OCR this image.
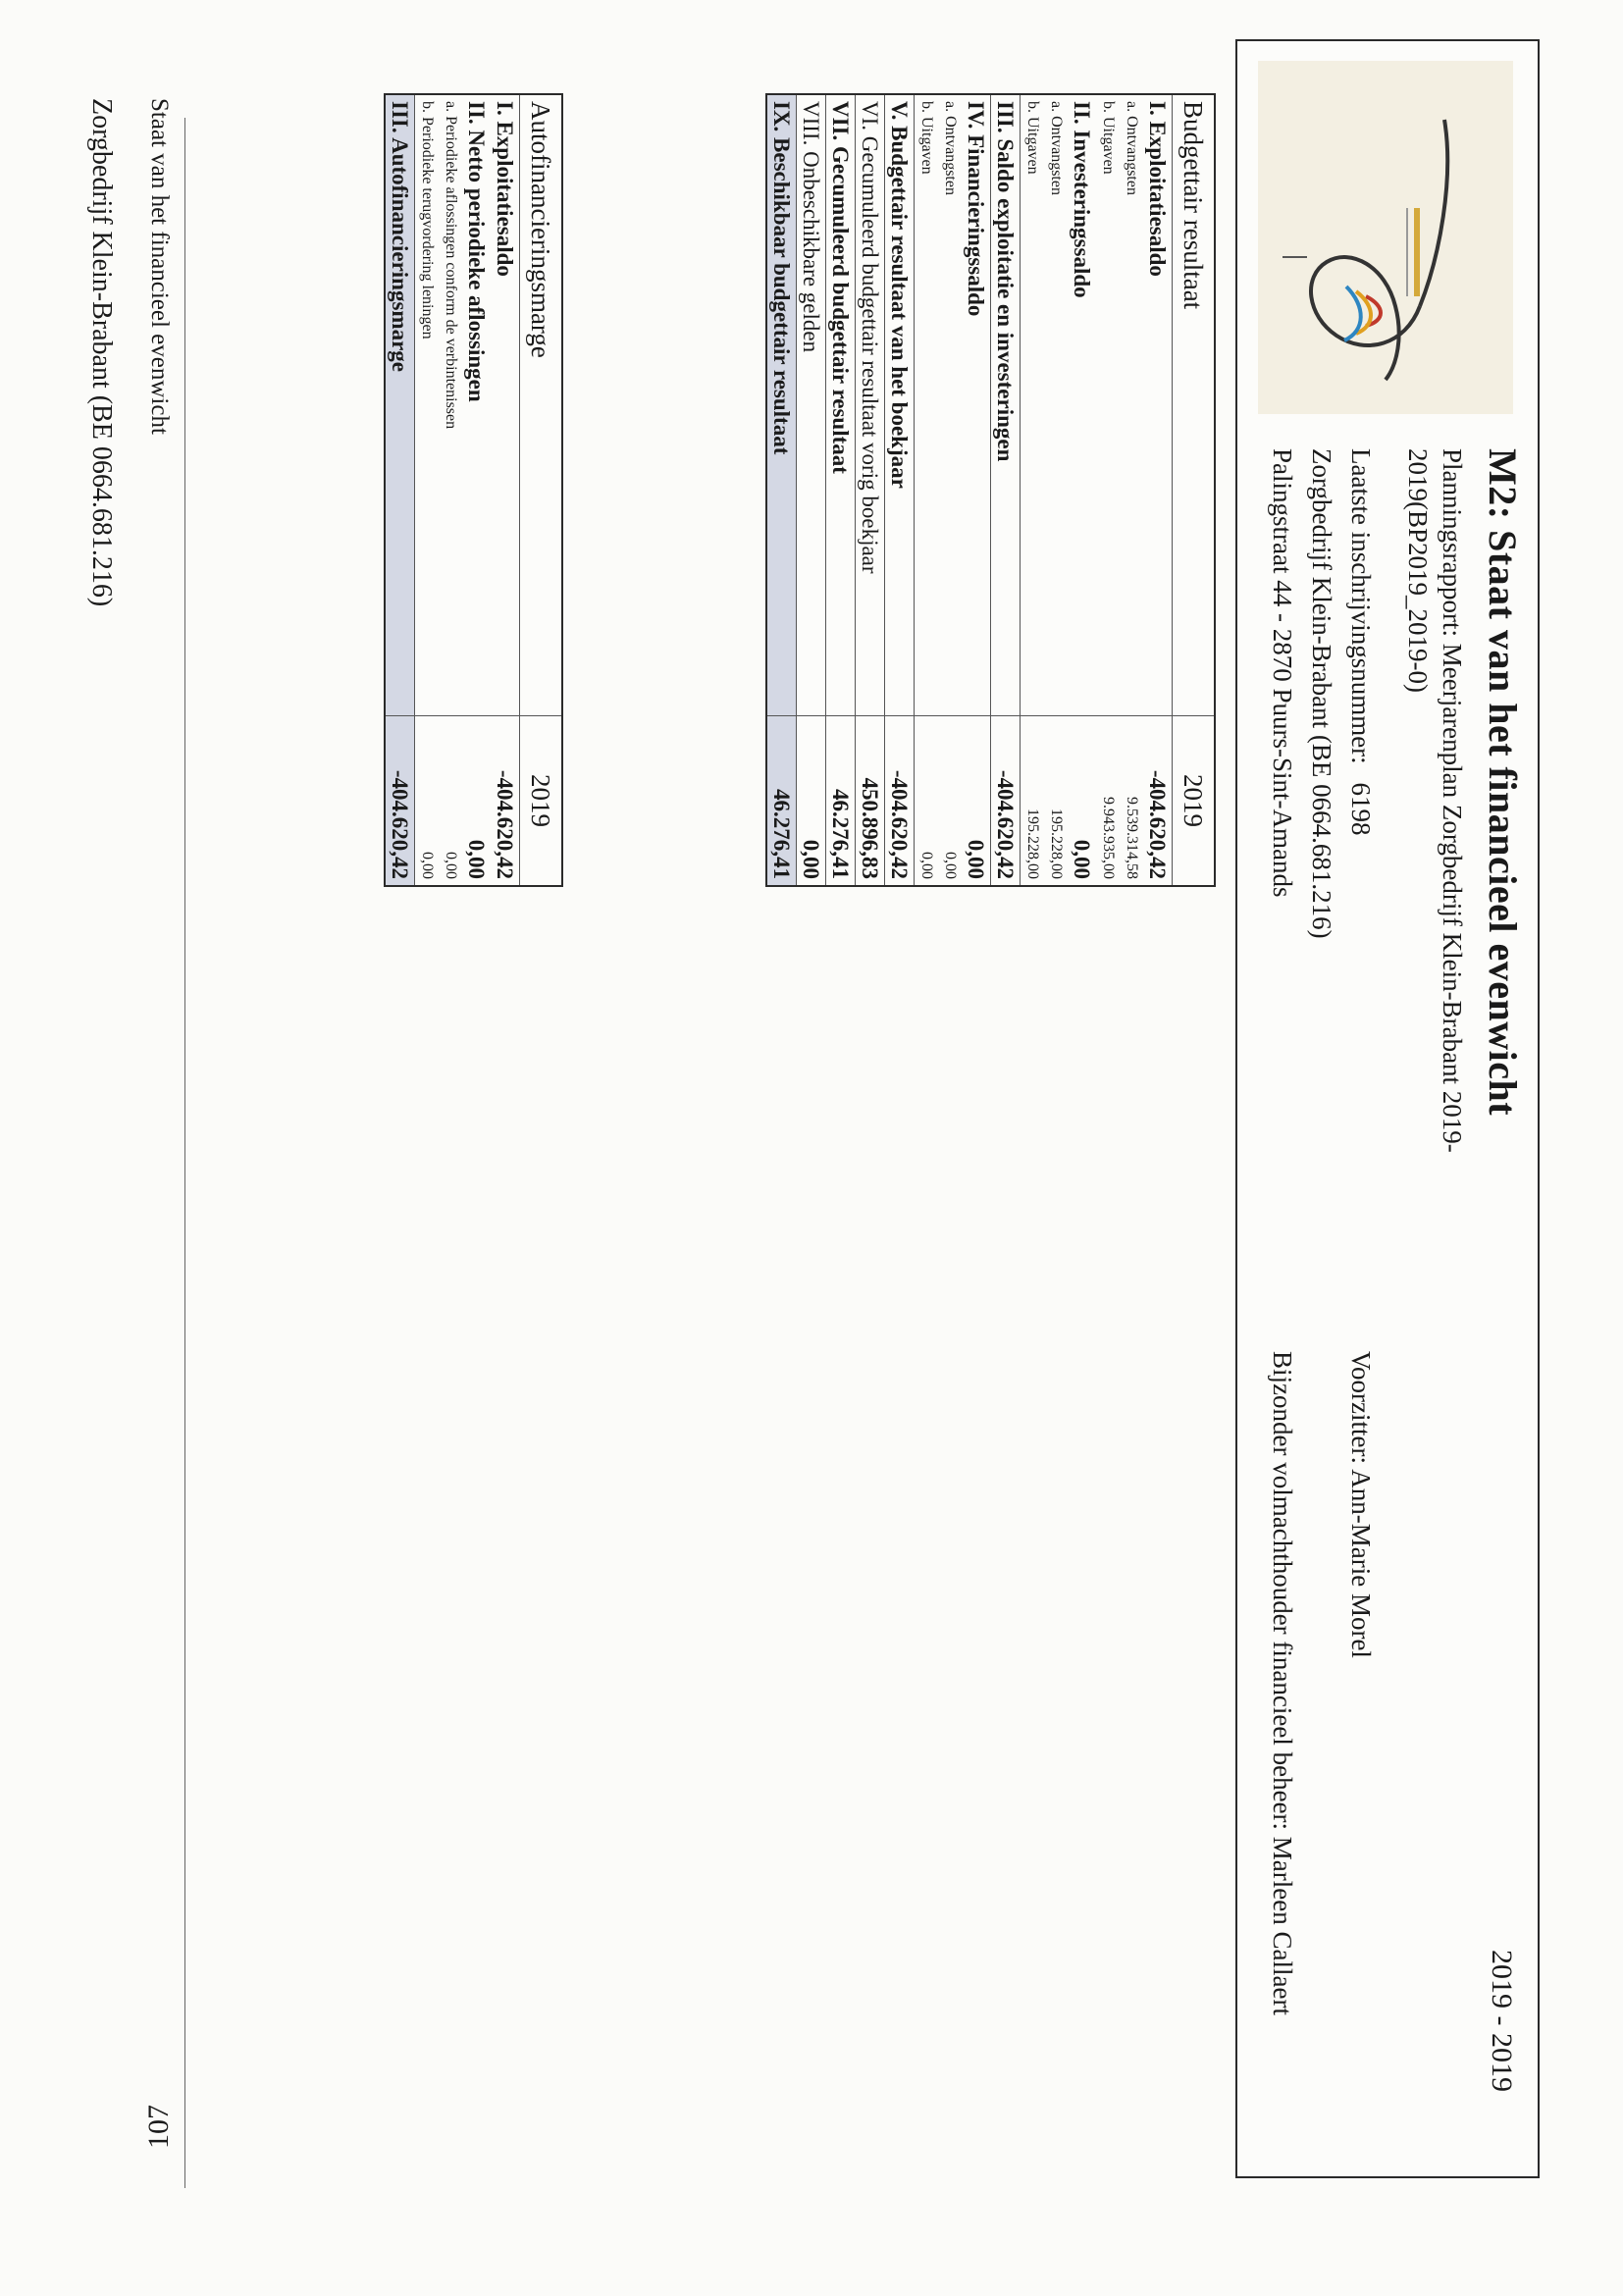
M2: Staat van het financieel evenwicht
2019 - 2019
Planningsrapport: Meerjarenplan Zorgbedrijf Klein-Brabant 2019-
2019(BP2019_2019-0)
Laatste inschrijvingsnummer: 6198
Zorgbedrijf Klein-Brabant (BE 0664.681.216)
Palingstraat 44 - 2870 Puurs-Sint-Amands
Voorzitter: Ann-Marie Morel
Bijzonder volmachthouder financieel beheer: Marleen Callaert
Budgettair resultaat	2019
I. Exploitatiesaldo	-404.620,42
a. Ontvangsten	9.539.314,58
b. Uitgaven	9.943.935,00
II. Investeringssaldo	0,00
a. Ontvangsten	195.228,00
b. Uitgaven	195.228,00
III. Saldo exploitatie en investeringen	-404.620,42
IV. Financieringssaldo	0,00
a. Ontvangsten	0,00
b. Uitgaven	0,00
V. Budgettair resultaat van het boekjaar	-404.620,42
VI. Gecumuleerd budgettair resultaat vorig boekjaar	450.896,83
VII. Gecumuleerd budgettair resultaat	46.276,41
VIII. Onbeschikbare gelden	0,00
IX. Beschikbaar budgettair resultaat	46.276,41
Autofinancieringsmarge	2019
I. Exploitatiesaldo	-404.620,42
II. Netto periodieke aflossingen	0,00
a. Periodieke aflossingen conform de verbintenissen	0,00
b. Periodieke terugvordering leningen	0,00
III. Autofinancieringsmarge	-404.620,42
Staat van het financieel evenwicht
Zorgbedrijf Klein-Brabant (BE 0664.681.216)
107
